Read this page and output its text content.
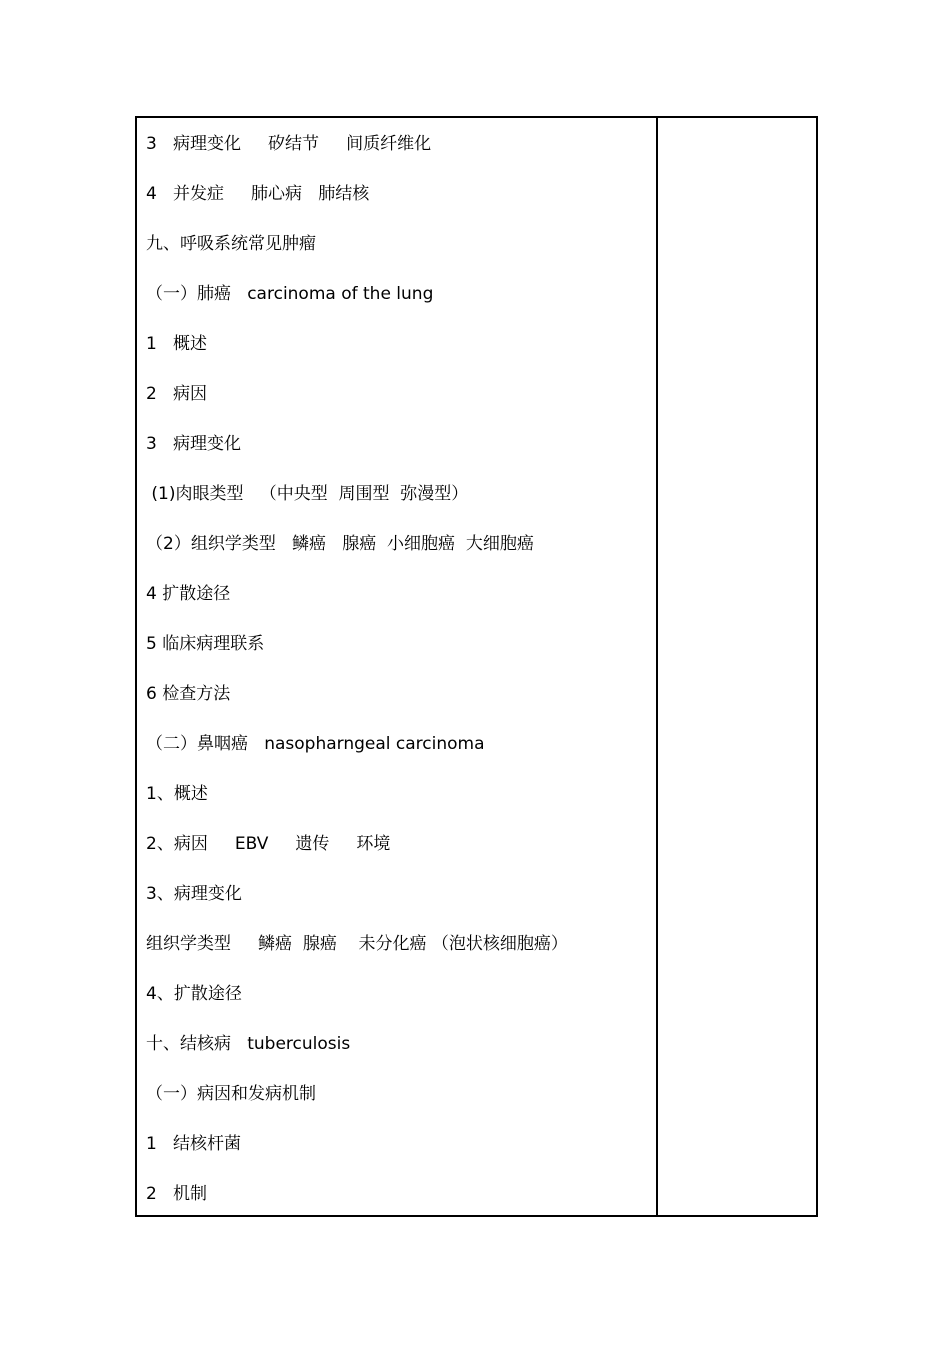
3   病理变化     矽结节     间质纤维化
4   并发症     肺心病   肺结核
九、呼吸系统常见肿瘤
（一）肺癌   carcinoma of the lung
1   概述
2   病因
3   病理变化
(1)肉眼类型   （中央型  周围型  弥漫型）
（2）组织学类型   鳞癌   腺癌  小细胞癌  大细胞癌
4 扩散途径
5 临床病理联系
6 检查方法
（二）鼻咽癌   nasopharngeal carcinoma
1、概述
2、病因     EBV     遗传     环境
3、病理变化
组织学类型     鳞癌  腺癌    未分化癌 （泡状核细胞癌）
4、扩散途径
十、结核病   tuberculosis
（一）病因和发病机制
1   结核杆菌
2   机制
